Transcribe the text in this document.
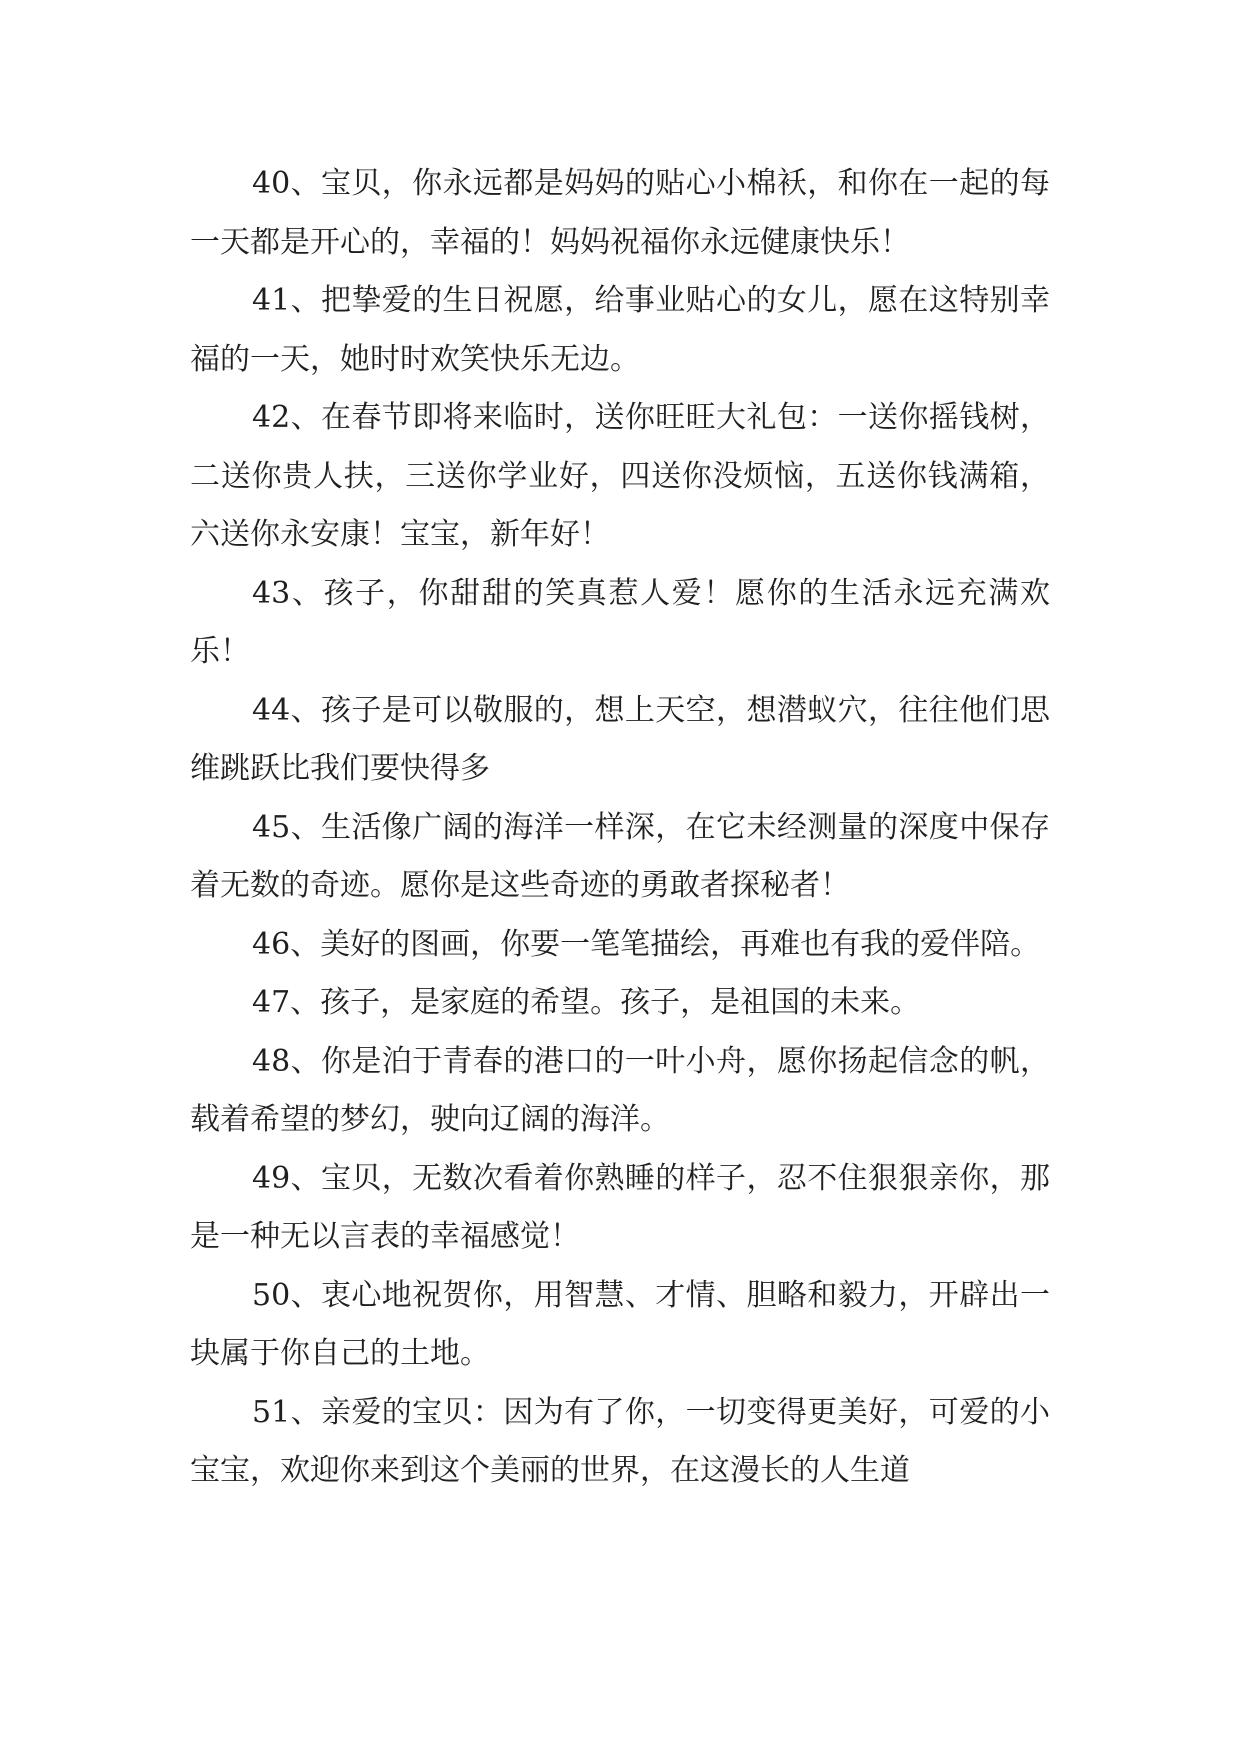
40、宝贝，你永远都是妈妈的贴心小棉袄，和你在一起的每一天都是开心的，幸福的！妈妈祝福你永远健康快乐！

41、把挚爱的生日祝愿，给事业贴心的女儿，愿在这特别幸福的一天，她时时欢笑快乐无边。

42、在春节即将来临时，送你旺旺大礼包：一送你摇钱树，二送你贵人扶，三送你学业好，四送你没烦恼，五送你钱满箱，六送你永安康！宝宝，新年好！

43、孩子，你甜甜的笑真惹人爱！愿你的生活永远充满欢乐！

44、孩子是可以敬服的，想上天空，想潜蚁穴，往往他们思维跳跃比我们要快得多

45、生活像广阔的海洋一样深，在它未经测量的深度中保存着无数的奇迹。愿你是这些奇迹的勇敢者探秘者！

46、美好的图画，你要一笔笔描绘，再难也有我的爱伴陪。

47、孩子，是家庭的希望。孩子，是祖国的未来。

48、你是泊于青春的港口的一叶小舟，愿你扬起信念的帆，载着希望的梦幻，驶向辽阔的海洋。

49、宝贝，无数次看着你熟睡的样子，忍不住狠狠亲你，那是一种无以言表的幸福感觉！

50、衷心地祝贺你，用智慧、才情、胆略和毅力，开辟出一块属于你自己的土地。

51、亲爱的宝贝：因为有了你，一切变得更美好，可爱的小宝宝，欢迎你来到这个美丽的世界，在这漫长的人生道
